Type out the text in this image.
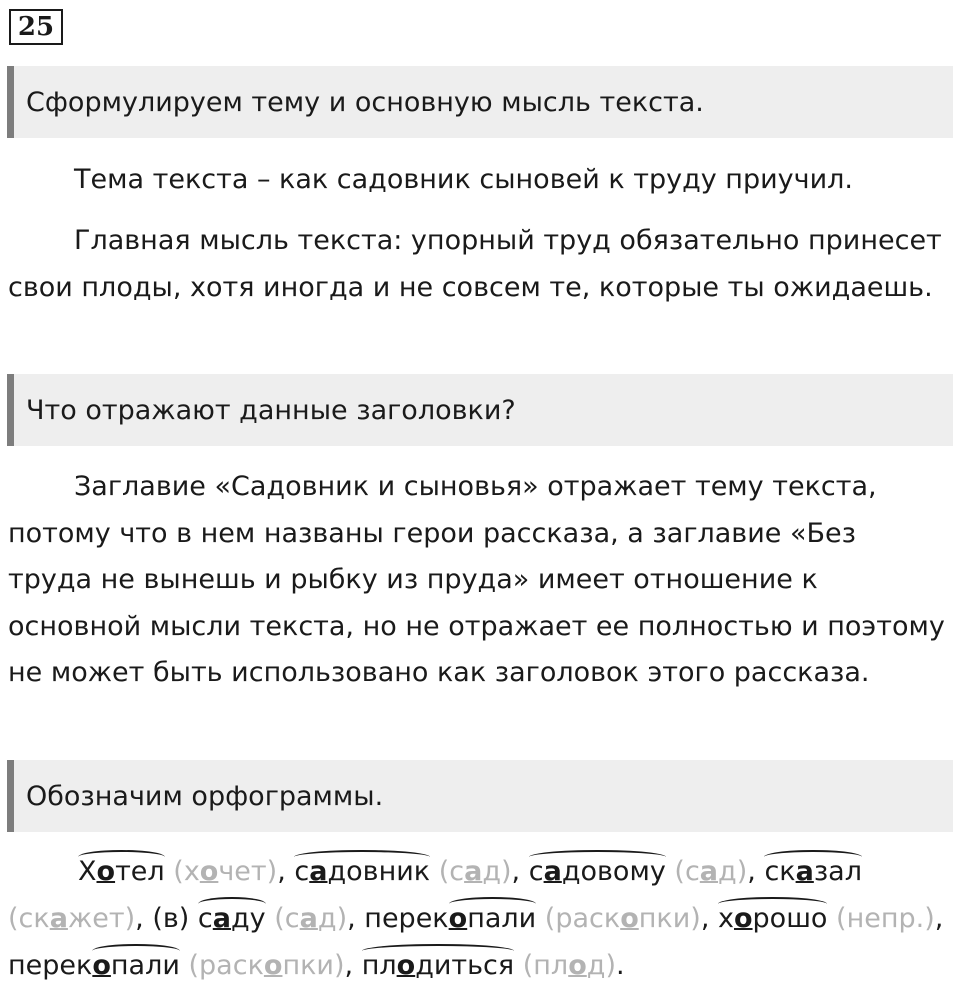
25
Сформулируем тему и основную мысль текста.
Тема текста – как садовник сыновей к труду приучил.
Главная мысль текста: упорный труд обязательно принесет свои плоды, хотя иногда и не совсем те, которые ты ожидаешь.
Что отражают данные заголовки?
Заглавие «Садовник и сыновья» отражает тему текста, потому что в нем названы герои рассказа, а заглавие «Без труда не вынешь и рыбку из пруда» имеет отношение к основной мысли текста, но не отражает ее полностью и поэтому не может быть использовано как заголовок этого рассказа.
Обозначим орфограммы.
Хотел (хочет), садовник (сад), садовому (сад), сказал (скажет), (в)
саду (сад), перек
опали (раскопки), хорошо (непр.), перек
опали (раскопки), плодиться (плод).
